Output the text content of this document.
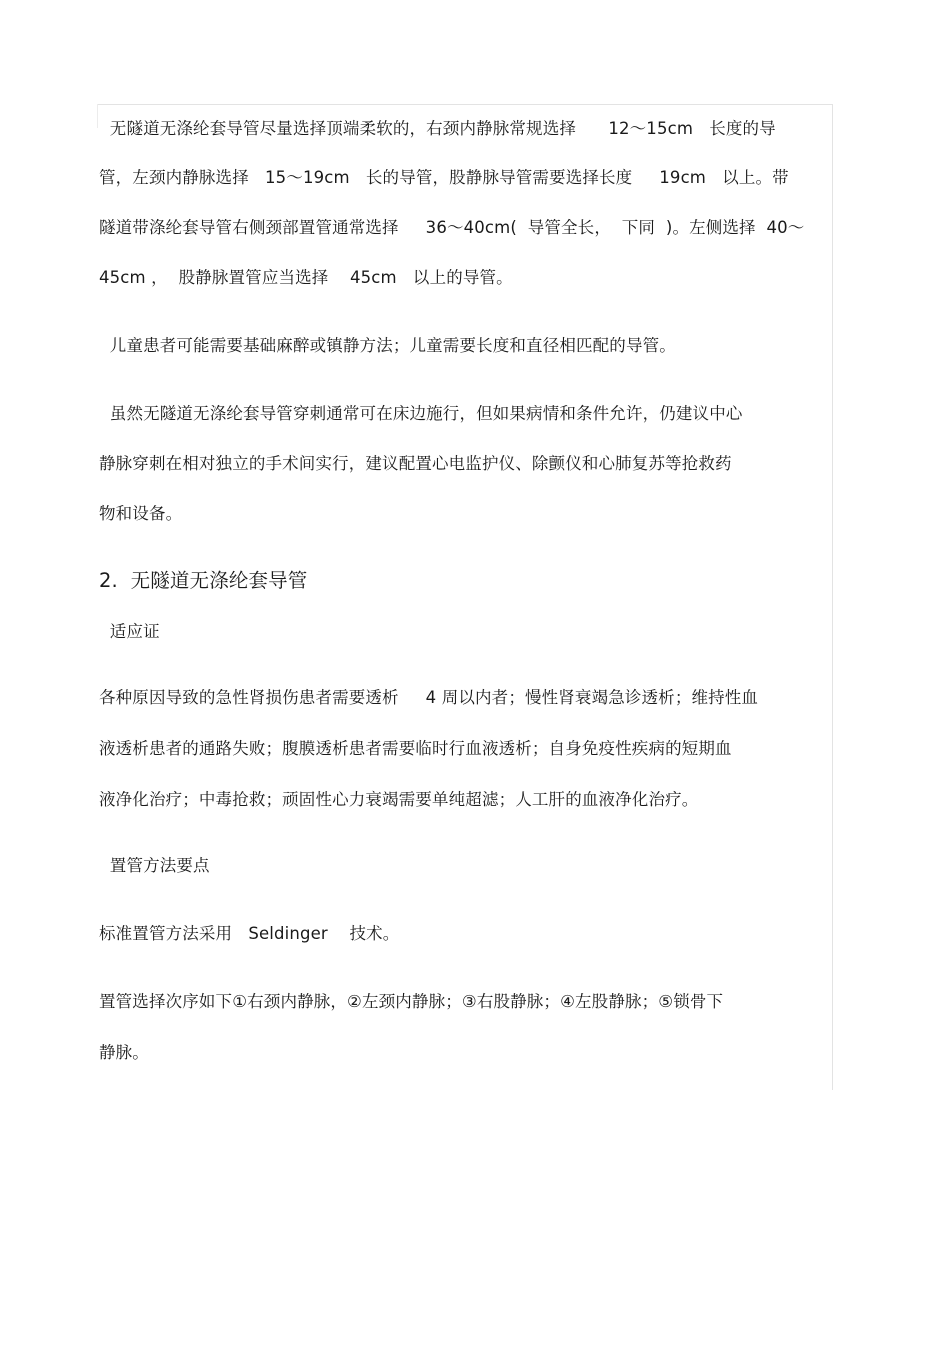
无隧道无涤纶套导管尽量选择顶端柔软的，右颈内静脉常规选择      12～15cm   长度的导
管，左颈内静脉选择   15～19cm   长的导管，股静脉导管需要选择长度     19cm   以上。带
隧道带涤纶套导管右侧颈部置管通常选择     36～40cm(  导管全长，  下同  )。左侧选择  40～
45cm ，  股静脉置管应当选择    45cm   以上的导管。
儿童患者可能需要基础麻醉或镇静方法；儿童需要长度和直径相匹配的导管。
虽然无隧道无涤纶套导管穿刺通常可在床边施行，但如果病情和条件允许，仍建议中心
静脉穿刺在相对独立的手术间实行，建议配置心电监护仪、除颤仪和心肺复苏等抢救药
物和设备。
2.  无隧道无涤纶套导管
适应证
各种原因导致的急性肾损伤患者需要透析     4 周以内者；慢性肾衰竭急诊透析；维持性血
液透析患者的通路失败；腹膜透析患者需要临时行血液透析；自身免疫性疾病的短期血
液净化治疗；中毒抢救；顽固性心力衰竭需要单纯超滤；人工肝的血液净化治疗。
置管方法要点
标准置管方法采用   Seldinger    技术。
置管选择次序如下①右颈内静脉，②左颈内静脉；③右股静脉；④左股静脉；⑤锁骨下
静脉。
